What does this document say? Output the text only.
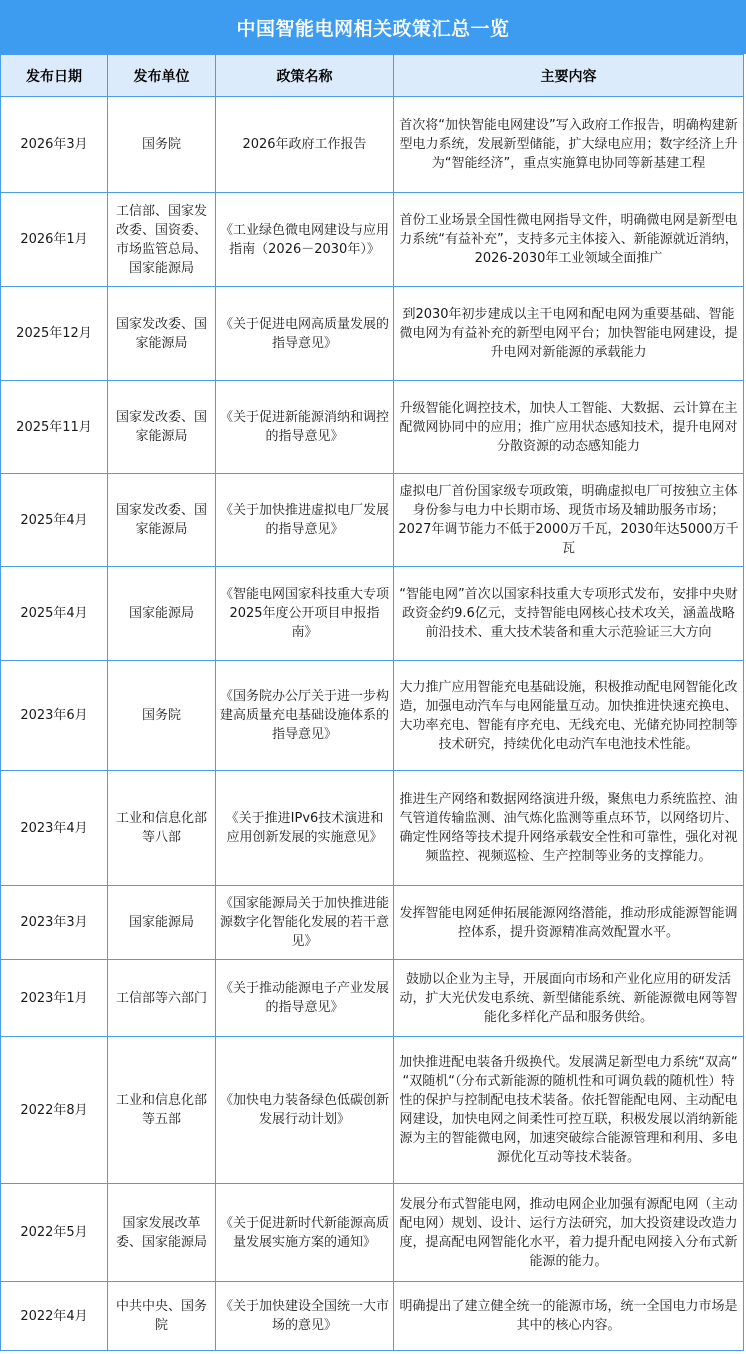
中国智能电网相关政策汇总一览
发布日期	发布单位	政策名称	主要内容
2026年3月	国务院	2026年政府工作报告	首次将“加快智能电网建设”写入政府工作报告，明确构建新型电力系统，发展新型储能，扩大绿电应用；数字经济上升为“智能经济”，重点实施算电协同等新基建工程
2026年1月	工信部、国家发改委、国资委、市场监管总局、国家能源局	《工业绿色微电网建设与应用指南（2026－2030年）》	首份工业场景全国性微电网指导文件，明确微电网是新型电力系统“有益补充”，支持多元主体接入、新能源就近消纳，2026-2030年工业领域全面推广
2025年12月	国家发改委、国家能源局	《关于促进电网高质量发展的指导意见》	到2030年初步建成以主干电网和配电网为重要基础、智能微电网为有益补充的新型电网平台；加快智能电网建设，提升电网对新能源的承载能力
2025年11月	国家发改委、国家能源局	《关于促进新能源消纳和调控的指导意见》	升级智能化调控技术，加快人工智能、大数据、云计算在主配微网协同中的应用；推广应用状态感知技术，提升电网对分散资源的动态感知能力
2025年4月	国家发改委、国家能源局	《关于加快推进虚拟电厂发展的指导意见》	虚拟电厂首份国家级专项政策，明确虚拟电厂可按独立主体身份参与电力中长期市场、现货市场及辅助服务市场；2027年调节能力不低于2000万千瓦，2030年达5000万千瓦
2025年4月	国家能源局	《智能电网国家科技重大专项2025年度公开项目申报指南》	“智能电网”首次以国家科技重大专项形式发布，安排中央财政资金约9.6亿元，支持智能电网核心技术攻关，涵盖战略前沿技术、重大技术装备和重大示范验证三大方向
2023年6月	国务院	《国务院办公厅关于进一步构建高质量充电基础设施体系的指导意见》	大力推广应用智能充电基础设施，积极推动配电网智能化改造，加强电动汽车与电网能量互动。加快推进快速充换电、大功率充电、智能有序充电、无线充电、光储充协同控制等技术研究，持续优化电动汽车电池技术性能。
2023年4月	工业和信息化部等八部	《关于推进IPv6技术演进和应用创新发展的实施意见》	推进生产网络和数据网络演进升级，聚焦电力系统监控、油气管道传输监测、油气炼化监测等重点环节，以网络切片、确定性网络等技术提升网络承载安全性和可靠性，强化对视频监控、视频巡检、生产控制等业务的支撑能力。
2023年3月	国家能源局	《国家能源局关于加快推进能源数字化智能化发展的若干意见》	发挥智能电网延伸拓展能源网络潜能，推动形成能源智能调控体系，提升资源精准高效配置水平。
2023年1月	工信部等六部门	《关于推动能源电子产业发展的指导意见》	鼓励以企业为主导，开展面向市场和产业化应用的研发活动，扩大光伏发电系统、新型储能系统、新能源微电网等智能化多样化产品和服务供给。
2022年8月	工业和信息化部等五部	《加快电力装备绿色低碳创新发展行动计划》	加快推进配电装备升级换代。发展满足新型电力系统“双高“ “双随机“（分布式新能源的随机性和可调负载的随机性）特性的保护与控制配电技术装备。依托智能配电网、主动配电网建设，加快电网之间柔性可控互联，积极发展以消纳新能源为主的智能微电网，加速突破综合能源管理和利用、多电源优化互动等技术装备。
2022年5月	国家发展改革委、国家能源局	《关于促进新时代新能源高质量发展实施方案的通知》	发展分布式智能电网，推动电网企业加强有源配电网（主动配电网）规划、设计、运行方法研究，加大投资建设改造力度，提高配电网智能化水平，着力提升配电网接入分布式新能源的能力。
2022年4月	中共中央、国务院	《关于加快建设全国统一大市场的意见》	明确提出了建立健全统一的能源市场，统一全国电力市场是其中的核心内容。
